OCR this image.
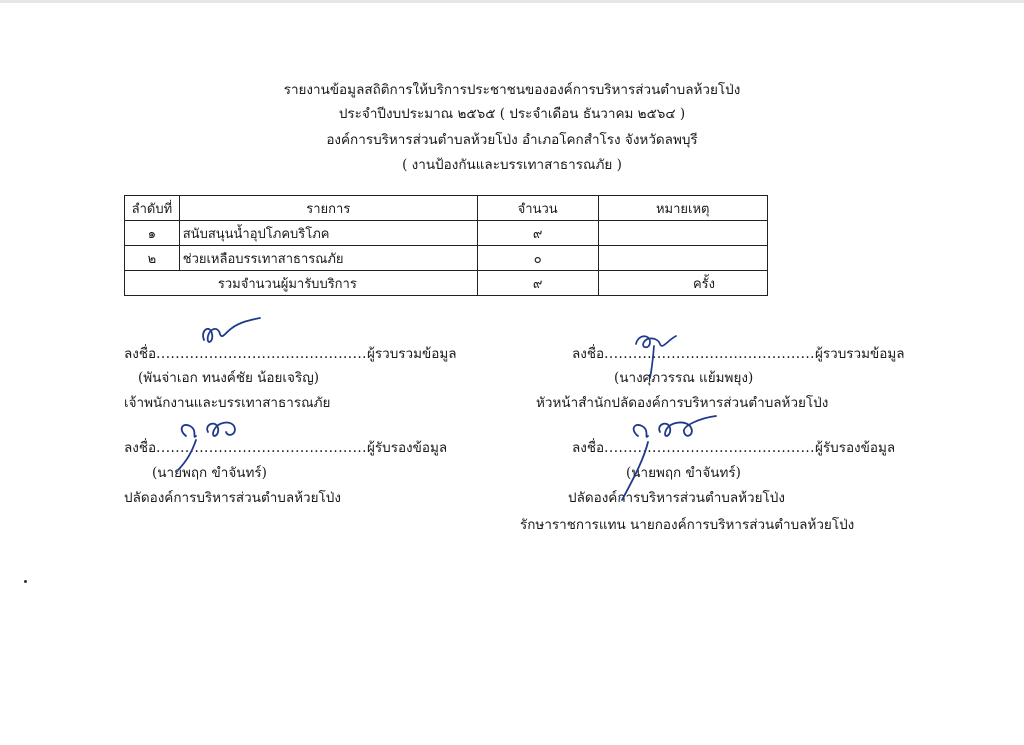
รายงานข้อมูลสถิติการให้บริการประชาชนขององค์การบริหารส่วนตำบลห้วยโป่ง
ประจำปีงบประมาณ ๒๕๖๕ ( ประจำเดือน ธันวาคม ๒๕๖๔ )
องค์การบริหารส่วนตำบลห้วยโป่ง อำเภอโคกสำโรง จังหวัดลพบุรี
( งานป้องกันและบรรเทาสาธารณภัย )
ลำดับที่	รายการ	จำนวน	หมายเหตุ
๑	สนับสนุนน้ำอุปโภคบริโภค	๙	
๒	ช่วยเหลือบรรเทาสาธารณภัย	๐	
รวมจำนวนผู้มารับบริการ		๙	ครั้ง
ลงชื่อ............................................ผู้รวบรวมข้อมูล
(พันจ่าเอก ทนงค์ชัย น้อยเจริญ)
เจ้าพนักงานและบรรเทาสาธารณภัย
ลงชื่อ............................................ผู้รับรองข้อมูล
(นายพฤก ขำจันทร์)
ปลัดองค์การบริหารส่วนตำบลห้วยโป่ง
ลงชื่อ............................................ผู้รวบรวมข้อมูล
(นางศุภวรรณ แย้มพยุง)
หัวหน้าสำนักปลัดองค์การบริหารส่วนตำบลห้วยโป่ง
ลงชื่อ............................................ผู้รับรองข้อมูล
(นายพฤก ขำจันทร์)
ปลัดองค์การบริหารส่วนตำบลห้วยโป่ง
รักษาราชการแทน นายกองค์การบริหารส่วนตำบลห้วยโป่ง
